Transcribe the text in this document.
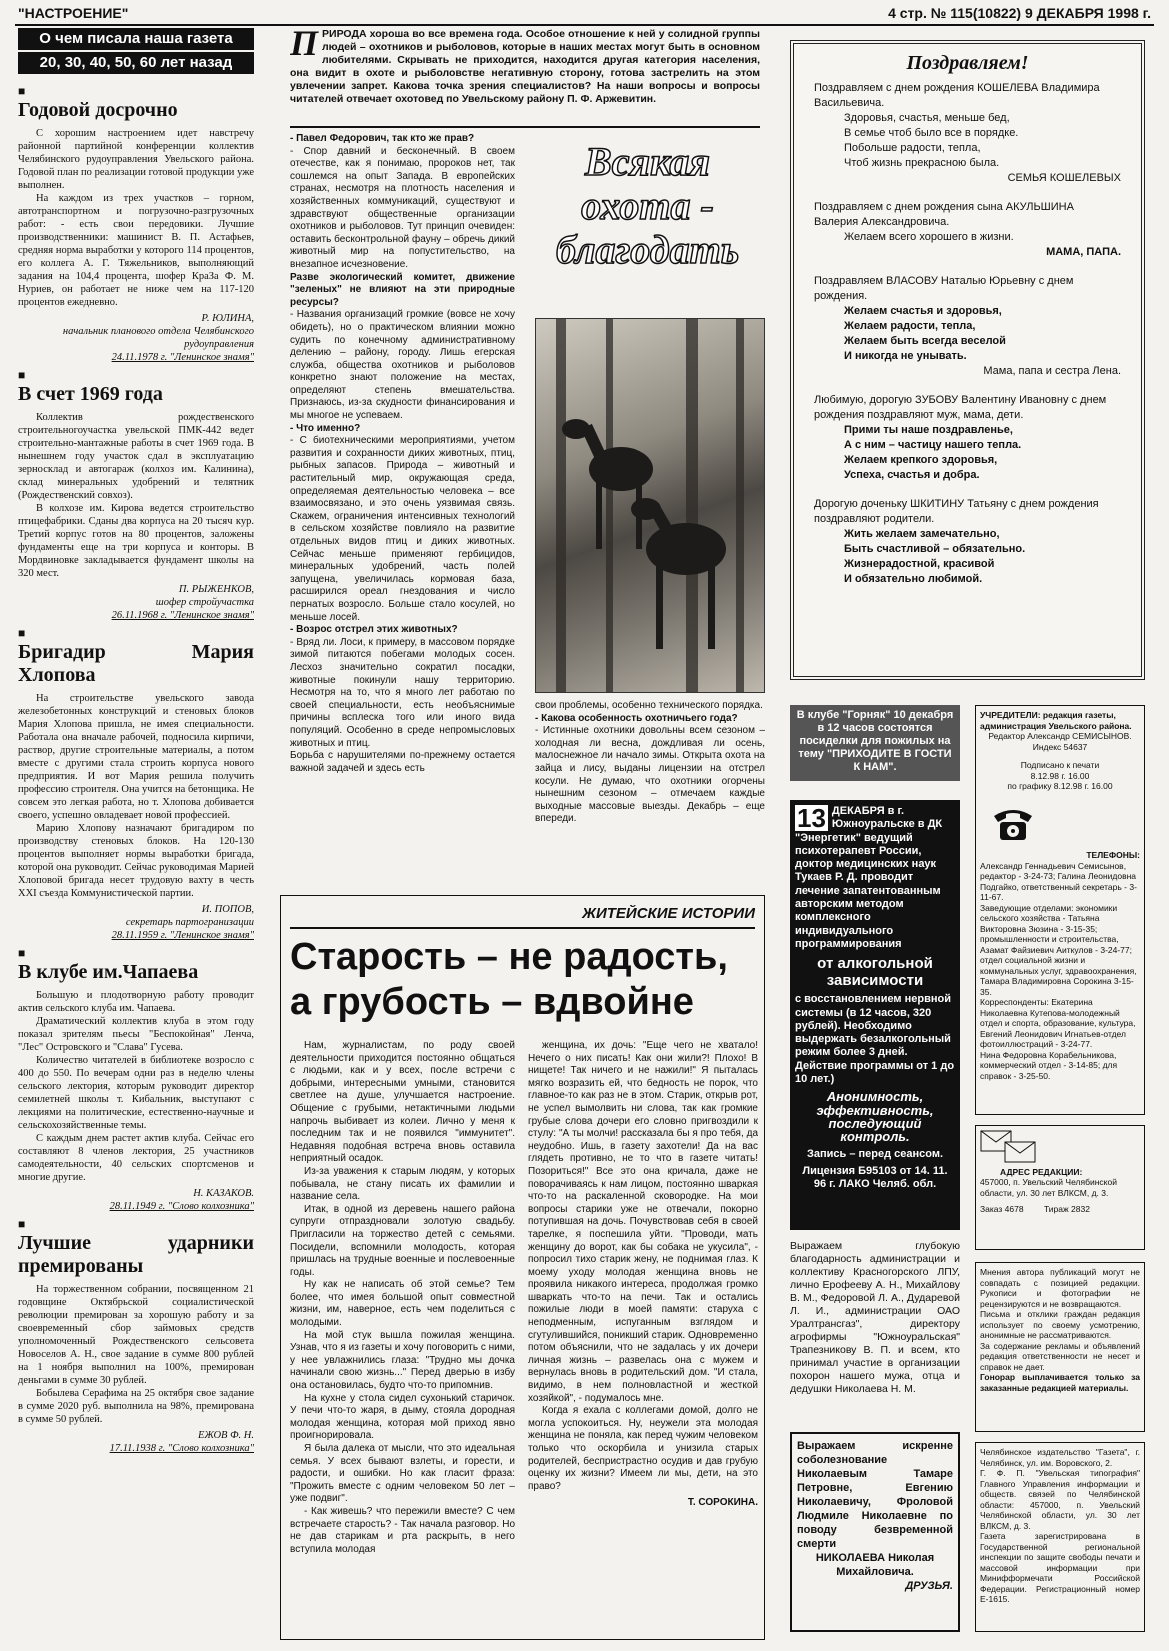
"НАСТРОЕНИЕ"	4 стр. № 115(10822) 9 ДЕКАБРЯ 1998 г.
О чем писала наша газета
20, 30, 40, 50, 60 лет назад
■ Годовой досрочно

С хорошим настроением идет навстречу районной партийной конференции коллектив Челябинского рудоуправления Увельского района. Годовой план по реализации готовой продукции уже выполнен.

На каждом из трех участков – горном, автотранспортном и погрузочно-разгрузочных работ: - есть свои передовики. Лучшие производственники: машинист В. П. Астафьев, средняя норма выработки у которого 114 процентов, его коллега А. Г. Тяжельников, выполняющий задания на 104,4 процента, шофер КраЗа Ф. М. Нуриев, он работает не ниже чем на 117-120 процентов ежедневно.

Р. ЮЛИНА,
начальник планового отдела Челябинского рудоуправления
24.11.1978 г. "Ленинское знамя"
■ В счет 1969 года

Коллектив рождественского строительногоучастка увельской ПМК-442 ведет строительно-мантажные работы в счет 1969 года. В нынешнем году участок сдал в эксплуатацию зерносклад и автогараж (колхоз им. Калинина), склад минеральных удобрений и телятник (Рождественский совхоз).

В колхозе им. Кирова ведется строительство птицефабрики. Сданы два корпуса на 20 тысяч кур. Третий корпус готов на 80 процентов, заложены фундаменты еще на три корпуса и конторы. В Мордвиновке закладывается фундамент школы на 320 мест.

П. РЫЖЕНКОВ,
шофер стройучастка
26.11.1968 г. "Ленинское знамя"
■ Бригадир Мария Хлопова

На строительстве увельского завода железобетонных конструкций и стеновых блоков Мария Хлопова пришла, не имея специальности. Работала она вначале рабочей, подносила кирпичи, раствор, другие строительные материалы, а потом вместе с другими стала строить корпуса нового предприятия. И вот Мария решила получить профессию строителя. Она учится на бетонщика. Не совсем это легкая работа, но т. Хлопова добивается своего, успешно овладевает новой профессией.

Марию Хлопову назначают бригадиром по производству стеновых блоков. На 120-130 процентов выполняет нормы выработки бригада, которой она руководит. Сейчас руководимая Марией Хлоповой бригада несет трудовую вахту в честь XXI съезда Коммунистической партии.

И. ПОПОВ,
секретарь партогранизации
28.11.1959 г. "Ленинское знамя"
■ В клубе им.Чапаева

Большую и плодотворную работу проводит актив сельского клуба им. Чапаева.

Драматический коллектив клуба в этом году показал зрителям пьесы "Беспокойная" Ленча, "Лес" Островского и "Слава" Гусева.

Количество читателей в библиотеке возросло с 400 до 550. По вечерам одни раз в неделю члены сельского лектория, которым руководит директор семилетней школы т. Кибальник, выступают с лекциями на политические, естественно-научные и сельскохозяйственные темы.

С каждым днем растет актив клуба. Сейчас его составляют 8 членов лектория, 25 участников самодеятельности, 40 сельских спортсменов и многие другие.

Н. КАЗАКОВ.
28.11.1949 г. "Слово колхозника"
■ Лучшие ударники премированы

На торжественном собрании, посвященном 21 годовщине Октябрьской социалистической революции премирован за хорошую работу и за своевременный сбор займовых средств уполномоченный Рождественского сельсовета Новоселов А. Н., свое задание в сумме 800 рублей на 1 ноября выполнил на 100%, премирован деньгами в сумме 30 рублей.

Бобылева Серафима на 25 октября свое задание в сумме 2020 руб. выполнила на 98%, премирована в сумме 50 рублей.

ЕЖОВ Ф. Н.
17.11.1938 г. "Слово колхозника"
ПРИРОДА хороша во все времена года. Особое отношение к ней у солидной группы людей – охотников и рыболовов, которые в наших местах могут быть в основном любителями. Скрывать не приходится, находится другая категория населения, она видит в охоте и рыболовстве негативную сторону, готова застрелить на этом увлечении запрет. Какова точка зрения специалистов? На наши вопросы и вопросы читателей отвечает охотовед по Увельскому району П. Ф. Аржевитин.

- Павел Федорович, так кто же прав?

- Спор давний и бесконечный. В своем отечестве, как я понимаю, пророков нет, так сошлемся на опыт Запада. В европейских странах, несмотря на плотность населения и хозяйственных коммуникаций, существуют и здравствуют общественные организации охотников и рыболовов. Тут принцип очевиден: оставить бесконтрольной фауну – обречь дикий животный мир на попустительство, на внезапное исчезновение.

Разве экологический комитет, движение "зеленых" не влияют на эти природные ресурсы?

- Названия организаций громкие (вовсе не хочу обидеть), но о практическом влиянии можно судить по конечному административному делению – району, городу. Лишь егерская служба, общества охотников и рыболовов конкретно знают положение на местах, определяют степень вмешательства. Признаюсь, из-за скудности финансирования и мы многое не успеваем.

- Что именно?

- С биотехническими мероприятиями, учетом развития и сохранности диких животных, птиц, рыбных запасов. Природа – животный и растительный мир, окружающая среда, определяемая деятельностью человека – все взаимосвязано, и это очень уязвимая связь. Скажем, ограничения интенсивных технологий в сельском хозяйстве повлияло на развитие отдельных видов птиц и диких животных. Сейчас меньше применяют гербицидов, минеральных удобрений, часть полей запущена, увеличилась кормовая база, расширился ореал гнездования и число пернатых возросло. Больше стало косулей, но меньше лосей.

- Возрос отстрел этих животных?

- Вряд ли. Лоси, к примеру, в массовом порядке зимой питаются побегами молодых сосен. Лесхоз значительно сократил посадки, животные покинули нашу территорию. Несмотря на то, что я много лет работаю по своей специальности, есть необъяснимые причины всплеска того или иного вида популяций. Особенно в среде непромысловых животных и птиц.

Борьба с нарушителями по-прежнему остается важной задачей и здесь есть

Всякая
охота -
благодать

свои проблемы, особенно технического порядка.

- Какова особенность охотничьего года?

- Истинные охотники довольны всем сезоном – холодная ли весна, дождливая ли осень, малоснежное ли начало зимы. Открыта охота на зайца и лису, выданы лицензии на отстрел косули. Не думаю, что охотники огорчены нынешним сезоном – отмечаем каждые выходные массовые выезды. Декабрь – еще впереди.

ЖИТЕЙСКИЕ ИСТОРИИ
Старость – не радость,
а грубость – вдвойне

Нам, журналистам, по роду своей деятельности приходится постоянно общаться с людьми, как и у всех, после встречи с добрыми, интересными умными, становится светлее на душе, улучшается настроение. Общение с грубыми, нетактичными людьми напрочь выбивает из колеи. Лично у меня к последним так и не появился "иммунитет". Недавняя подобная встреча вновь оставила неприятный осадок.

Из-за уважения к старым людям, у которых побывала, не стану писать их фамилии и название села.

Итак, в одной из деревень нашего района супруги отпраздновали золотую свадьбу. Пригласили на торжество детей с семьями. Посидели, вспомнили молодость, которая пришлась на трудные военные и послевоенные годы.

Ну как не написать об этой семье? Тем более, что имея большой опыт совместной жизни, им, наверное, есть чем поделиться с молодыми.

На мой стук вышла пожилая женщина. Узнав, что я из газеты и хочу поговорить с ними, у нее увлажнились глаза: "Трудно мы дочка начинали свою жизнь..." Перед дверью в избу она остановилась, будто что-то припомнив.

На кухне у стола сидел сухонький старичок. У печи что-то жаря, в дыму, стояла дородная молодая женщина, которая мой приход явно проигнорировала.

Я была далека от мысли, что это идеальная семья. У всех бывают взлеты, и горести, и радости, и ошибки. Но как гласит фраза: "Прожить вместе с одним человеком 50 лет – уже подвиг".

- Как живешь? что пережили вместе? С чем встречаете старость? - Так начала разговор. Но не дав старикам и рта раскрыть, в него вступила молодая

женщина, их дочь: "Еще чего не хватало! Нечего о них писать! Как они жили?! Плохо! В нищете! Так ничего и не нажили!" Я пыталась мягко возразить ей, что бедность не порок, что главное-то как раз не в этом. Старик, открыв рот, не успел вымолвить ни слова, так как громкие грубые слова дочери его словно пригвоздили к стулу: "А ты молчи! рассказала бы я про тебя, да неудобно. Ишь, в газету захотели! Да на вас глядеть противно, не то что в газете читать! Позориться!" Все это она кричала, даже не поворачиваясь к нам лицом, постоянно шваркая что-то на раскаленной сковородке. На мои вопросы старики уже не отвечали, покорно потупившая на дочь. Почувствовав себя в своей тарелке, я поспешила уйти. "Проводи, мать женщину до ворот, как бы собака не укусила", - попросил тихо старик жену, не поднимая глаз. К моему уходу молодая женщина вновь не проявила никакого интереса, продолжая громко шваркать что-то на печи. Так и остались пожилые люди в моей памяти: старуха с неподменным, испуганным взглядом и сгутулившийся, поникший старик. Одновременно потом объяснили, что не задалась у их дочери личная жизнь – развелась она с мужем и вернулась вновь в родительский дом. "И стала, видимо, в нем полновластной и жесткой хозяйкой", - подумалось мне.

Когда я ехала с коллегами домой, долго не могла успокоиться. Ну, неужели эта молодая женщина не поняла, как перед чужим человеком только что оскорбила и унизила старых родителей, беспристрастно осудив и дав грубую оценку их жизни? Имеем ли мы, дети, на это право?

Т. СОРОКИНА.
Поздравляем!

Поздравляем с днем рождения КОШЕЛЕВА Владимира Васильевича.

Здоровья, счастья, меньше бед,

В семье чтоб было все в порядке.

Побольше радости, тепла,

Чтоб жизнь прекрасною была.

СЕМЬЯ КОШЕЛЕВЫХ

Поздравляем с днем рождения сына АКУЛЬШИНА Валерия Александровича.

Желаем всего хорошего в жизни.

МАМА, ПАПА.

Поздравляем ВЛАСОВУ Наталью Юрьевну с днем рождения.

Желаем счастья и здоровья,

Желаем радости, тепла,

Желаем быть всегда веселой

И никогда не унывать.

Мама, папа и сестра Лена.

Любимую, дорогую ЗУБОВУ Валентину Ивановну с днем рождения поздравляют муж, мама, дети.

Прими ты наше поздравленье,

А с ним – частицу нашего тепла.

Желаем крепкого здоровья,

Успеха, счастья и добра.

Дорогую доченьку ШКИТИНУ Татьяну с днем рождения поздравляют родители.

Жить желаем замечательно,

Быть счастливой – обязательно.

Жизнерадостной, красивой

И обязательно любимой.

В клубе "Горняк" 10 декабря в 12 часов состоятся посиделки для пожилых на тему "ПРИХОДИТЕ В ГОСТИ К НАМ".
13 ДЕКАБРЯ в г. Южноуральске в ДК "Энергетик" ведущий психотерапевт России, доктор медицинских наук Тукаев Р. Д. проводит лечение запатентованным авторским методом комплексного индивидуального программирования
от алкогольной зависимости
с восстановлением нервной системы (в 12 часов, 320 рублей). Необходимо выдержать безалкогольный режим более 3 дней. Действие программы от 1 до 10 лет.)
Анонимность, эффективность, последующий контроль.
Запись – перед сеансом.
Лицензия Б95103 от 14. 11. 96 г. ЛАКО Челяб. обл.
Выражаем глубокую благодарность администрации и коллективу Красногорского ЛПУ, лично Ерофееву А. Н., Михайлову В. М., Федоровой Л. А., Дударевой Л. И., администрации ОАО Уралтрансгаз", директору агрофирмы "Южноуральская" Трапезникову В. П. и всем, кто принимал участие в организации похорон нашего мужа, отца и дедушки Николаева Н. М.
Выражаем искренне соболезнование Николаевым Тамаре Петровне, Евгению Николаевичу, Фроловой Людмиле Николаевне по поводу безвременной смерти
НИКОЛАЕВА Николая Михайловича.
ДРУЗЬЯ.

УЧРЕДИТЕЛИ: редакция газеты, администрация Увельского района.

Редактор Александр СЕМИСЫНОВ.

Индекс 54637

Подписано к печати

8.12.98 г. 16.00

по графику 8.12.98 г. 16.00

ТЕЛЕФОНЫ:

Александр Геннадьевич Семисынов, редактор - 3-24-73; Галина Леонидовна Подгайко, ответственный секретарь - 3-11-67.

Заведующие отделами: экономики сельского хозяйства - Татьяна Викторовна Зюзина - 3-15-35; промышленности и строительства, Азамат Файзиевич Аиткулов - 3-24-77; отдел социальной жизни и коммунальных услуг, здравоохранения, Тамара Владимировна Сорокина 3-15-35.

Корреспонденты: Екатерина Николаевна Кутепова-молодежный отдел и спорта, образование, культура, Евгений Леонидович Игнатьев-отдел фотоиллюстраций - 3-24-77.

Нина Федоровна Корабельникова, коммерческий отдел - 3-14-85; для справок - 3-25-50.

АДРЕС РЕДАКЦИИ:

457000, п. Увельский Челябинской области, ул. 30 лет ВЛКСМ, д. 3.

Заказ 4678 Тираж 2832

Мнения автора публикаций могут не совпадать с позицией редакции. Рукописи и фотографии не рецензируются и не возвращаются.

Письма и отклики граждан редакция использует по своему усмотрению, анонимные не рассматриваются.

За содержание рекламы и объявлений редакция ответственности не несет и справок не дает.

Гонорар выплачивается только за заказанные редакцией материалы.

Челябинское издательство "Газета", г. Челябинск, ул. им. Воровского, 2.

Г. Ф. П. "Увельская типография" Главного Управления информации и обществ. связей по Челябинской области: 457000, п. Увельский Челябинской области, ул. 30 лет ВЛКСМ, д. 3.

Газета зарегистрирована в Государственной региональной инспекции по защите свободы печати и массовой информации при Минифформечати Российской Федерации. Регистрационный номер Е-1615.
